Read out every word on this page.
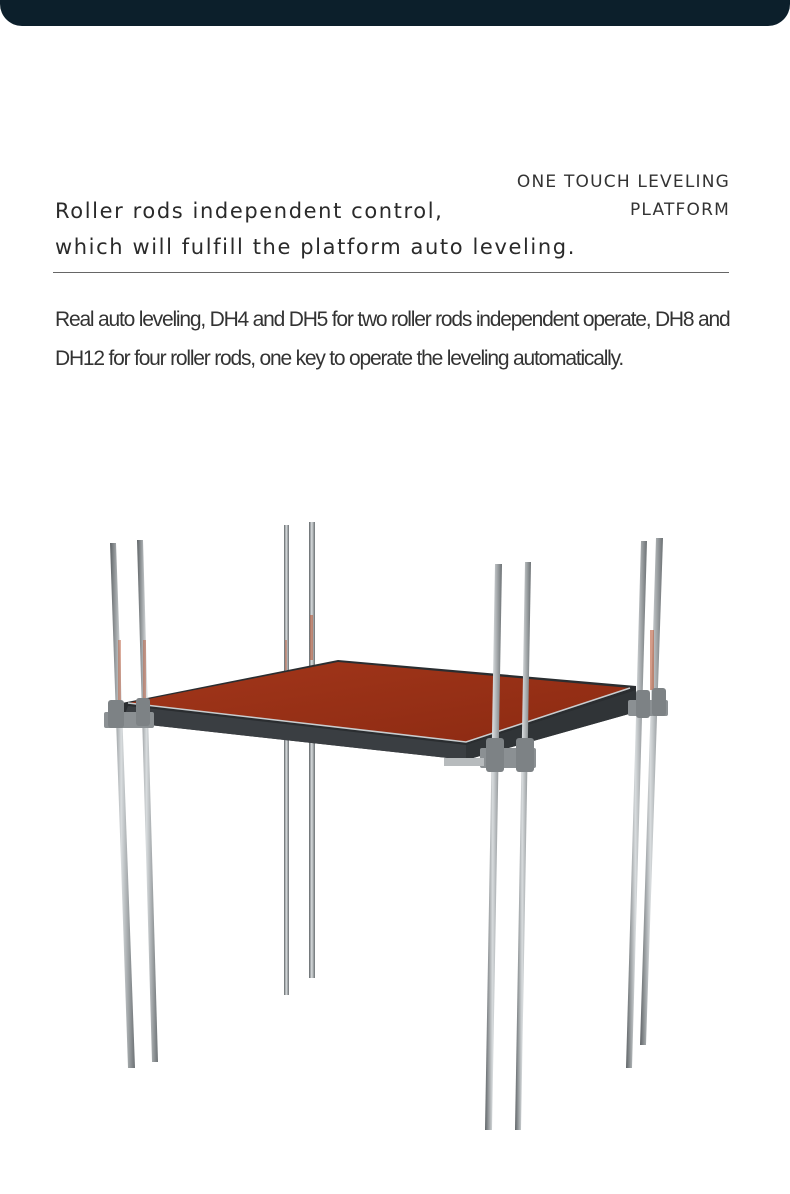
ONE TOUCH LEVELING
PLATFORM
Roller rods independent control,
which will fulfill the platform auto leveling.
Real auto leveling, DH4 and DH5 for two roller rods independent operate, DH8 and DH12 for four roller rods, one key to operate the leveling automatically.
